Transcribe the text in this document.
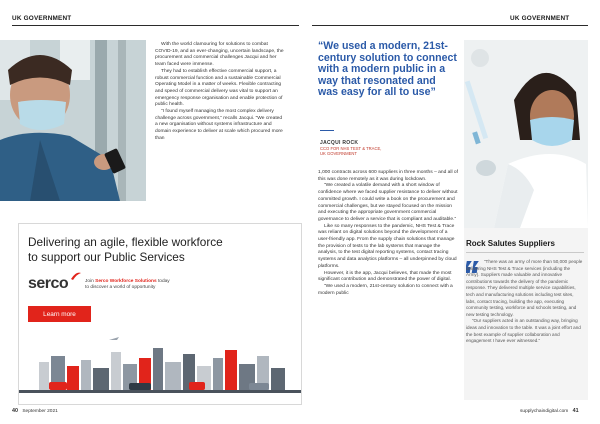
UK GOVERNMENT	UK GOVERNMENT

With the world clamouring for solutions to combat COVID-19, and an ever-changing, uncertain landscape, the procurement and commercial challenges Jacqui and her team faced were immense.

They had to establish effective commercial support, a robust commercial function and a sustainable Commercial Operating Model in a matter of weeks. Flexible contracting and speed of commercial delivery was vital to support an emergency response organisation and enable protection of public health.

“I found myself managing the most complex delivery challenge across government,” recalls Jacqui. “We created a new organisation without systems infrastructure and domain experience to deliver at scale which procured more than

“We used a modern, 21st-century solution to connect with a modern public in a way that resonated and was easy for all to use”
JACQUI ROCK
CCO FOR NHS TEST & TRACE,
UK GOVERNMENT

1,000 contracts across 600 suppliers in three months – and all of this was done remotely as it was during lockdown.

“We created a volatile demand with a short window of confidence where we faced supplier resistance to deliver without committed growth. I could write a book on the procurement and commercial challenges, but we stayed focused on the mission and executing the appropriate government commercial governance to deliver a service that is compliant and auditable.”

Like so many responses to the pandemic, NHS Test & Trace was reliant on digital solutions beyond the development of a user-friendly app. From the supply chain solutions that manage the provision of tests to the lab systems that manage the analysis, to the test digital reporting systems, contact tracing systems and data analytics platforms – all underpinned by cloud platforms.

However, it is the app, Jacqui believes, that made the most significant contribution and demonstrated the power of digital.

“We used a modern, 21st-century solution to connect with a modern public

Delivering an agile, flexible workforce
to support our Public Services
serco	Join Serco Workforce Solutions today
to discover a world of opportunity
Learn more
Rock Salutes Suppliers

“There was an army of more than 50,000 people delivering NHS Test & Trace services (including the Army). Suppliers made valuable and innovative contributions towards the delivery of the pandemic response. They delivered multiple service capabilities, tech and manufacturing solutions including test sites, labs, contact tracing, building the app, executing community testing, workforce and schools testing, and new testing technology.

“Our suppliers acted in an outstanding way, bringing ideas and innovation to the table. It was a joint effort and the best example of supplier collaboration and engagement I have ever witnessed.”

40 September 2021	supplychaindigital.com 41
